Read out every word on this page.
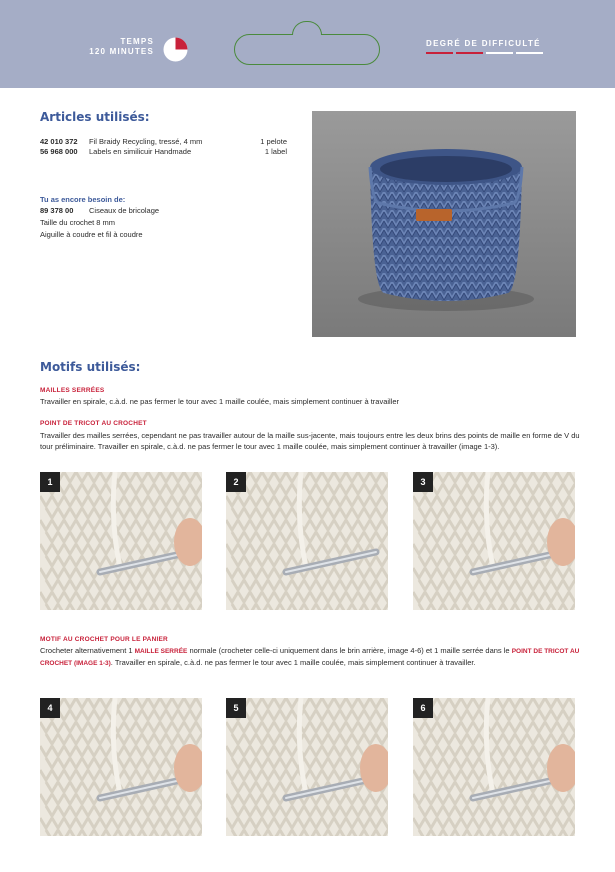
TEMPS
120 MINUTES
DEGRÉ DE DIFFICULTÉ
Articles utilisés:
42 010 372	Fil Braidy Recycling, tressé, 4 mm	1 pelote
56 968 000	Labels en similicuir Handmade	1 label
Tu as encore besoin de:
89 378 00	Ciseaux de bricolage
Taille du crochet 8 mm
Aiguille à coudre et fil à coudre
Motifs utilisés:
MAILLES SERRÉES
Travailler en spirale, c.à.d. ne pas fermer le tour avec 1 maille coulée, mais simplement continuer à travailler
POINT DE TRICOT AU CROCHET
Travailler des mailles serrées, cependant ne pas travailler autour de la maille sus-jacente, mais toujours entre les deux brins des points de maille en forme de V du tour préliminaire. Travailler en spirale, c.à.d. ne pas fermer le tour avec 1 maille coulée, mais simplement continuer à travailler (image 1-3).
1	2	3
MOTIF AU CROCHET POUR LE PANIER
Crocheter alternativement 1 MAILLE SERRÉE normale (crocheter celle-ci uniquement dans le brin arrière, image 4-6) et 1 maille serrée dans le POINT DE TRICOT AU CROCHET (IMAGE 1-3). Travailler en spirale, c.à.d. ne pas fermer le tour avec 1 maille coulée, mais simplement continuer à travailler.
4	5	6
